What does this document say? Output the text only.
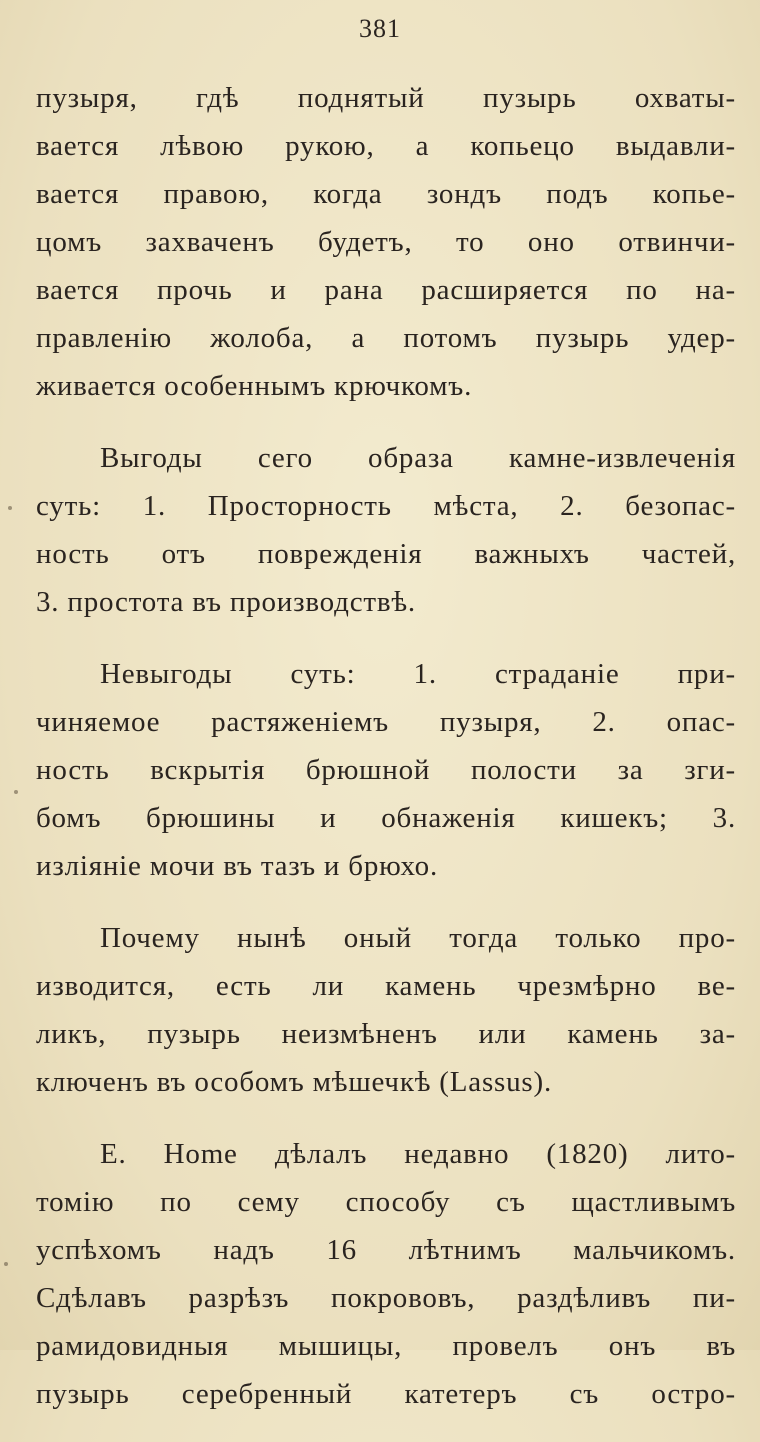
381

пузыря, гдѣ поднятый пузырь охваты-
вается лѣвою рукою, а копьецо выдавли-
вается правою, когда зондъ подъ копье-
цомъ захваченъ будетъ, то оно отвинчи-
вается прочь и рана расширяется по на-
правленію жолоба, а потомъ пузырь удер-
живается особеннымъ крючкомъ.

Выгоды сего образа камне-извлеченія
суть: 1. Просторность мѣста, 2. безопас-
ность отъ поврежденія важныхъ частей,
3. простота въ производствѣ.

Невыгоды суть: 1. страданіе при-
чиняемое растяженіемъ пузыря, 2. опас-
ность вскрытія брюшной полости за зги-
бомъ брюшины и обнаженія кишекъ; 3.
изліяніе мочи въ тазъ и брюхо.

Почему нынѣ оный тогда только про-
изводится, есть ли камень чрезмѣрно ве-
ликъ, пузырь неизмѣненъ или камень за-
ключенъ въ особомъ мѣшечкѣ (Lassus).

E. Home дѣлалъ недавно (1820) лито-
томію по сему способу съ щастливымъ
успѣхомъ надъ 16 лѣтнимъ мальчикомъ.
Сдѣлавъ разрѣзъ покрововъ, раздѣливъ пи-
рамидовидныя мышицы, провелъ онъ въ
пузырь серебренный катетеръ съ остро-
